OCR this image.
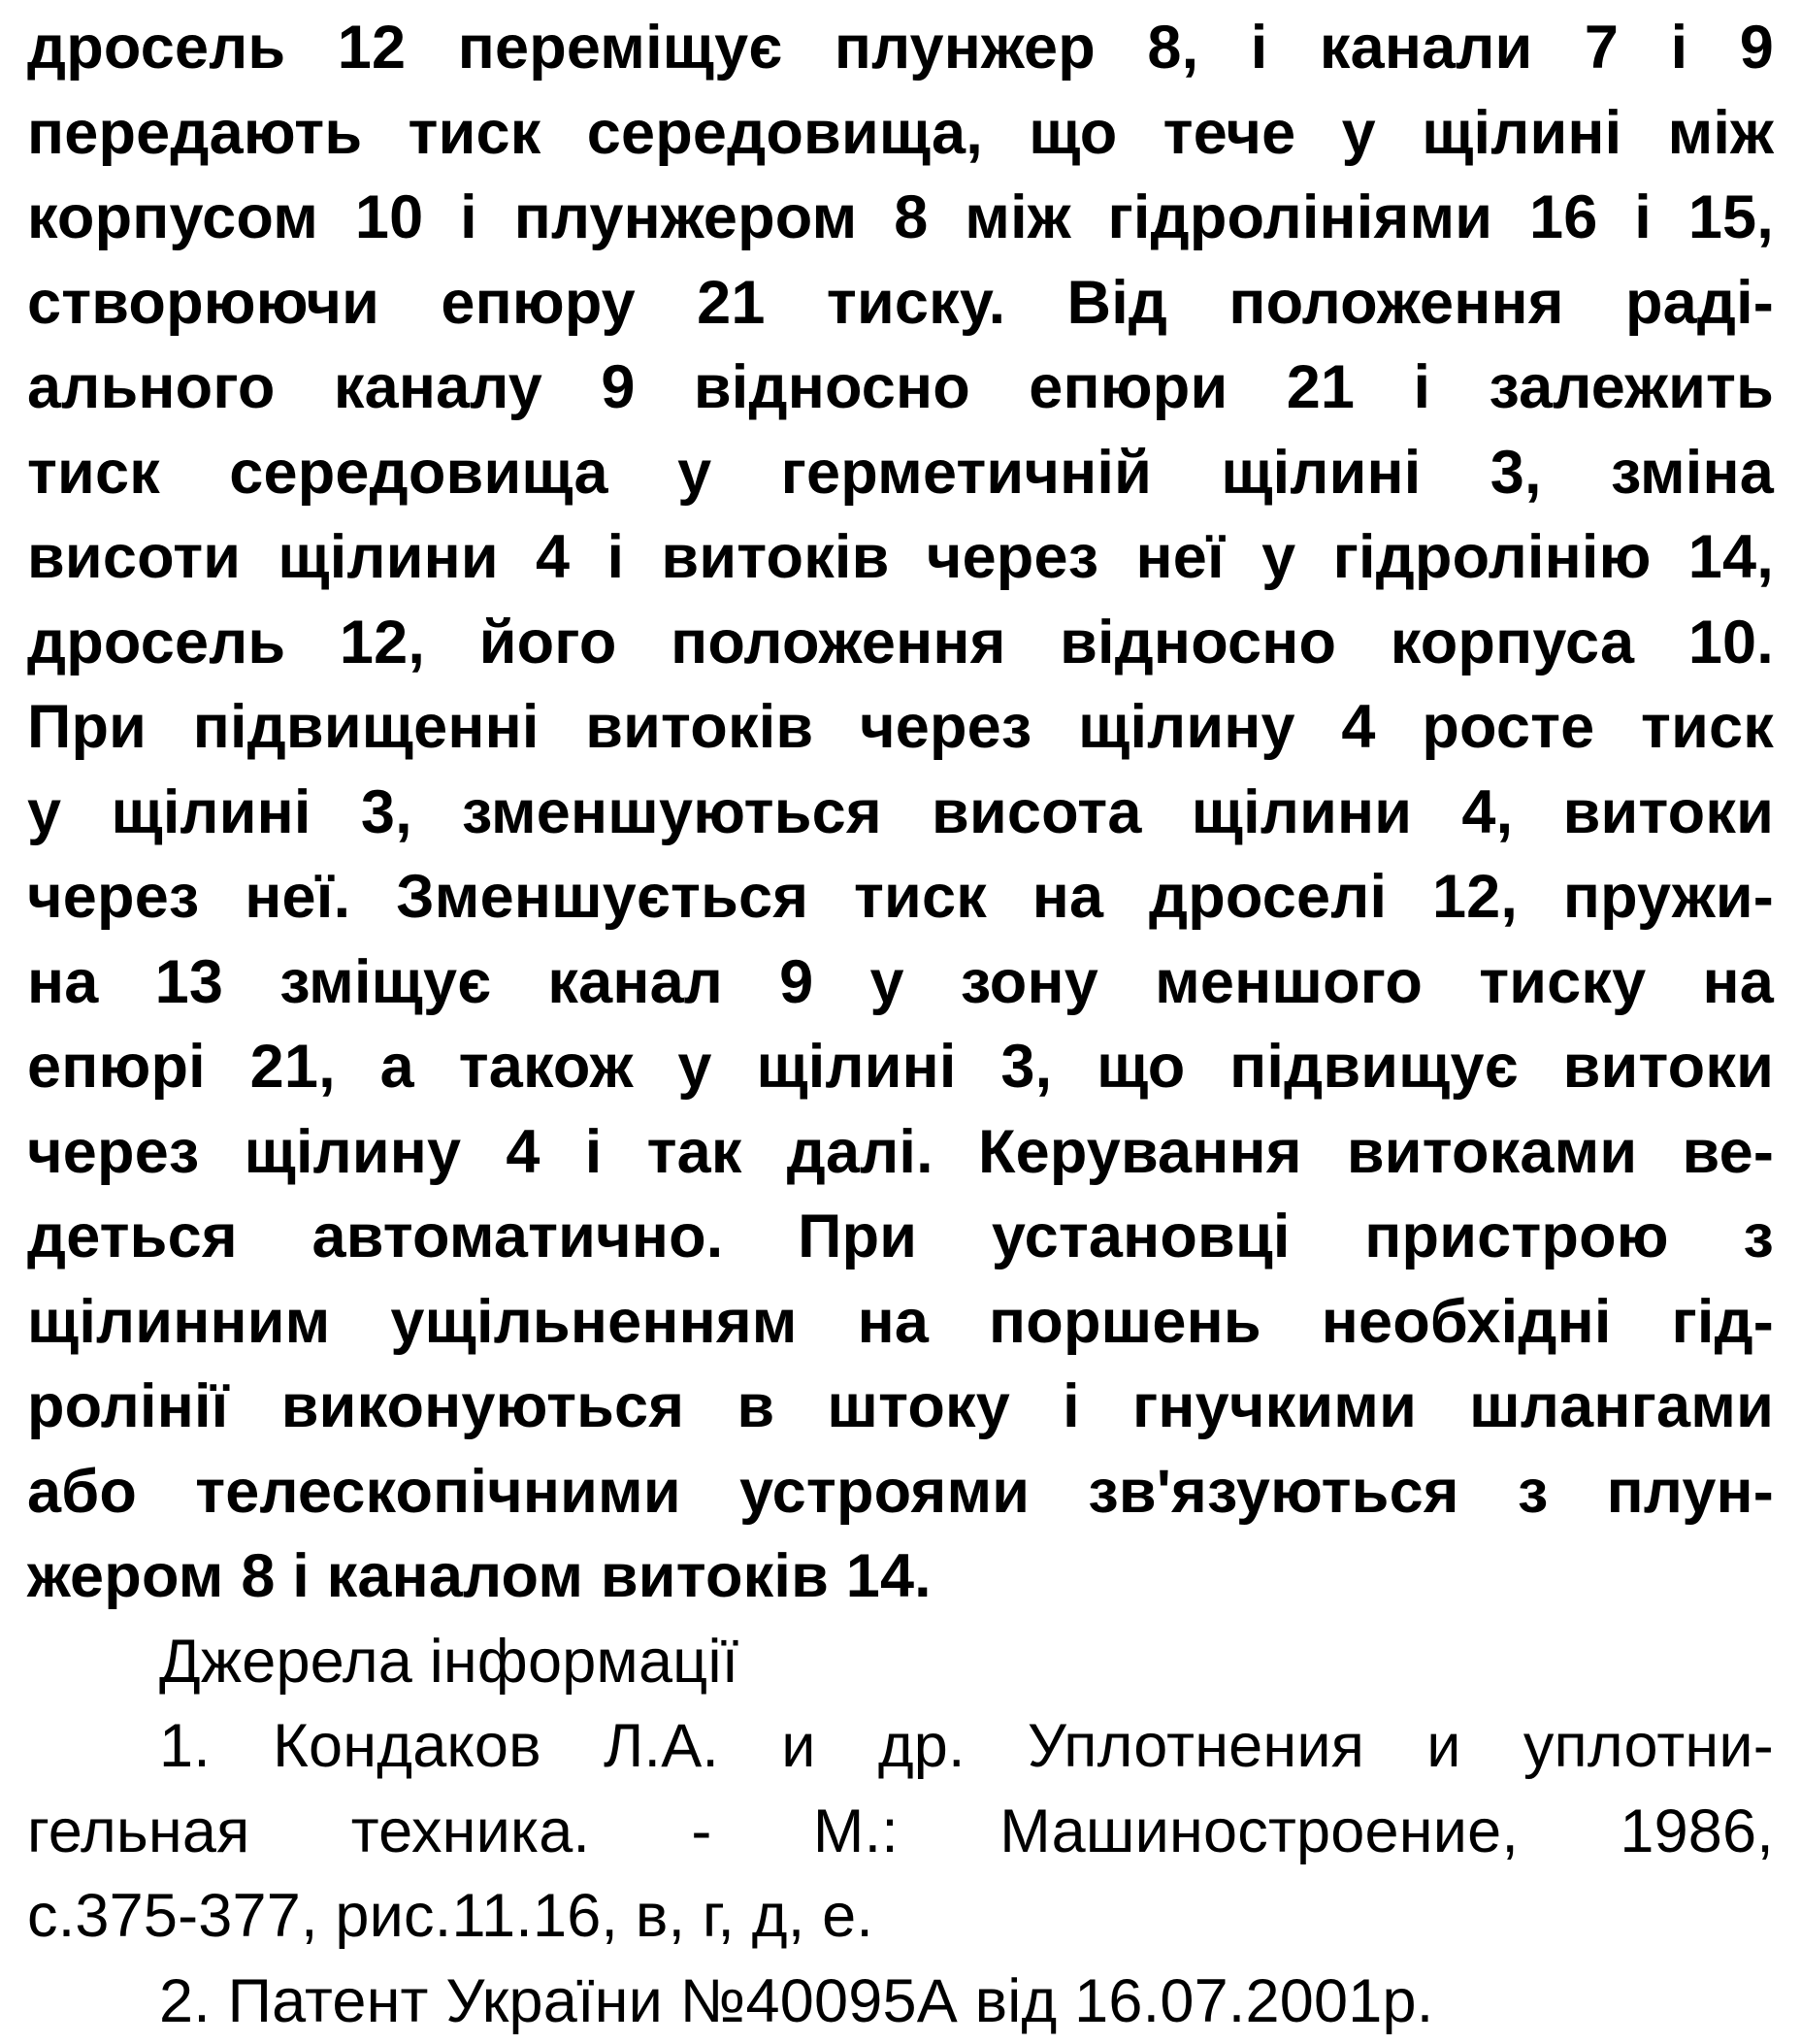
дросель 12 переміщує плунжер 8, і канали 7 і 9
передають тиск середовища, що тече у щілині між
корпусом 10 і плунжером 8 між гідролініями 16 і 15,
створюючи епюру 21 тиску. Від положення раді-
ального каналу 9 відносно епюри 21 і залежить
тиск середовища у герметичній щілині 3, зміна
висоти щілини 4 і витоків через неї у гідролінію 14,
дросель 12, його положення відносно корпуса 10.
При підвищенні витоків через щілину 4 росте тиск
у щілині 3, зменшуються висота щілини 4, витоки
через неї. Зменшується тиск на дроселі 12, пружи-
на 13 зміщує канал 9 у зону меншого тиску на
епюрі 21, а також у щілині 3, що підвищує витоки
через щілину 4 і так далі. Керування витоками ве-
деться автоматично. При установці пристрою з
щілинним ущільненням на поршень необхідні гід-
ролінії виконуються в штоку і гнучкими шлангами
або телескопічними устроями зв'язуються з плун-
жером 8 і каналом витоків 14.
Джерела інформації
1. Кондаков Л.А. и др. Уплотнения и уплотни-
гельная техника. - М.: Машиностроение, 1986,
с.375-377, рис.11.16, в, г, д, е.
2. Патент України №40095А від 16.07.2001р.
